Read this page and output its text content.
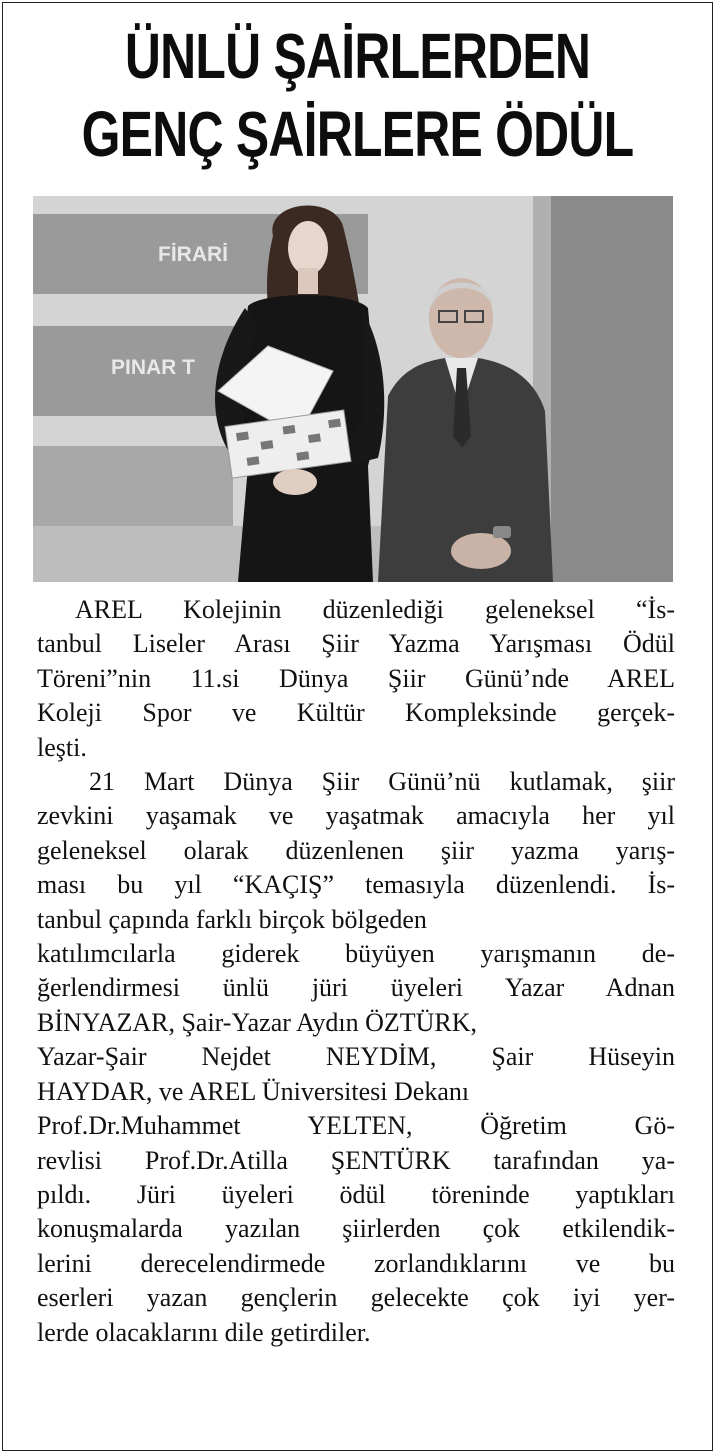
ÜNLÜ ŞAİRLERDEN
GENÇ ŞAİRLERE ÖDÜL
FİRARİ
PINAR T
AREL Kolejinin düzenlediği geleneksel “İs-
tanbul Liseler Arası Şiir Yazma Yarışması Ödül
Töreni”nin 11.si Dünya Şiir Günü’nde AREL
Koleji Spor ve Kültür Kompleksinde gerçek-
leşti.
21 Mart Dünya Şiir Günü’nü kutlamak, şiir
zevkini yaşamak ve yaşatmak amacıyla her yıl
geleneksel olarak düzenlenen şiir yazma yarış-
ması bu yıl “KAÇIŞ” temasıyla düzenlendi. İs-
tanbul çapında farklı birçok bölgeden
katılımcılarla giderek büyüyen yarışmanın de-
ğerlendirmesi ünlü jüri üyeleri Yazar Adnan
BİNYAZAR, Şair-Yazar Aydın ÖZTÜRK,
Yazar-Şair Nejdet NEYDİM, Şair Hüseyin
HAYDAR, ve AREL Üniversitesi Dekanı
Prof.Dr.Muhammet YELTEN, Öğretim Gö-
revlisi Prof.Dr.Atilla ŞENTÜRK tarafından ya-
pıldı. Jüri üyeleri ödül töreninde yaptıkları
konuşmalarda yazılan şiirlerden çok etkilendik-
lerini derecelendirmede zorlandıklarını ve bu
eserleri yazan gençlerin gelecekte çok iyi yer-
lerde olacaklarını dile getirdiler.
